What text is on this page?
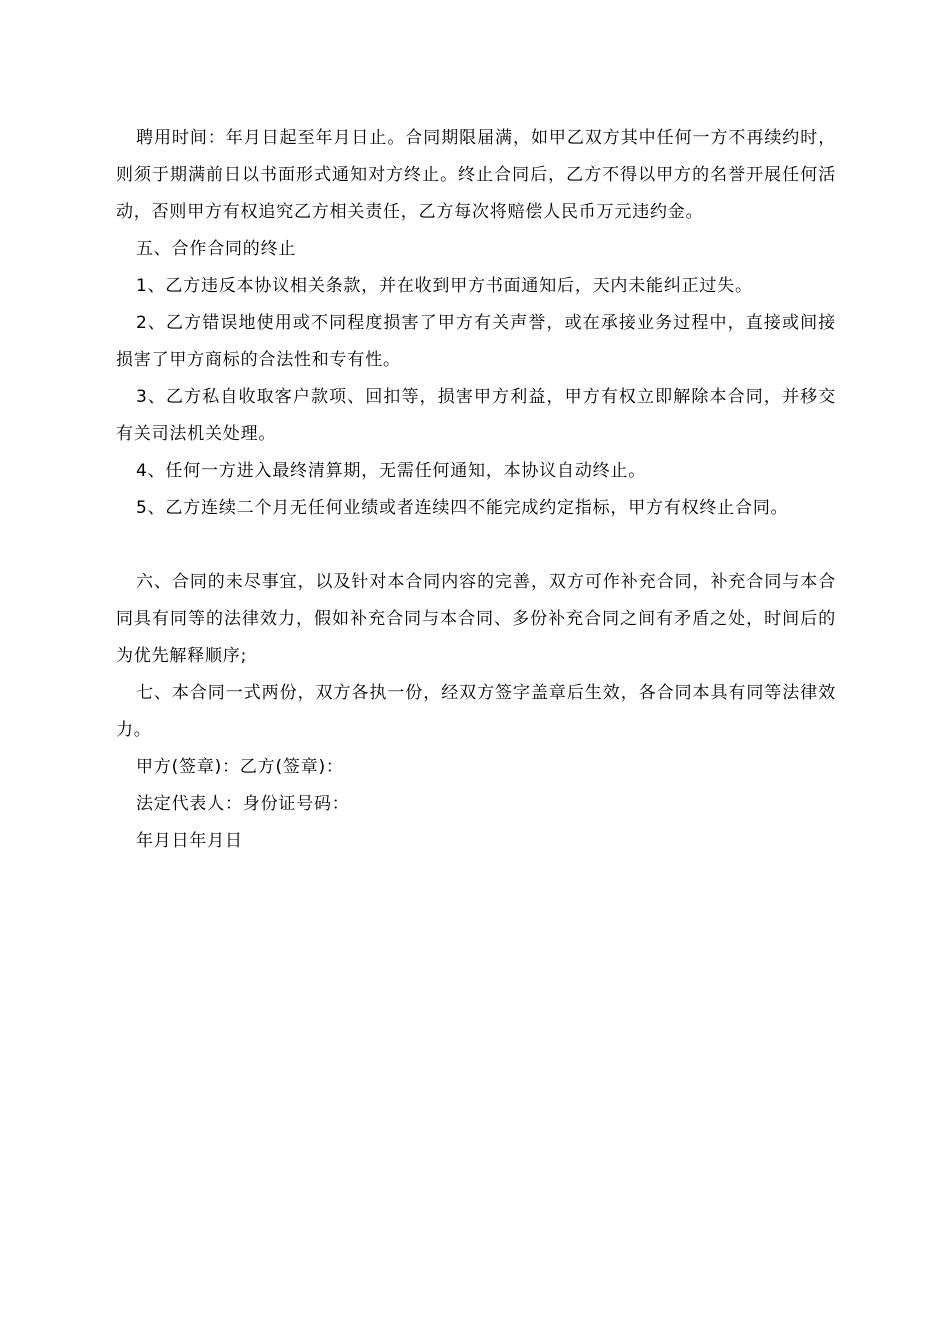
聘用时间：年月日起至年月日止。合同期限届满，如甲乙双方其中任何一方不再续约时，则须于期满前日以书面形式通知对方终止。终止合同后，乙方不得以甲方的名誉开展任何活动，否则甲方有权追究乙方相关责任，乙方每次将赔偿人民币万元违约金。

五、合作合同的终止

1、乙方违反本协议相关条款，并在收到甲方书面通知后，天内未能纠正过失。

2、乙方错误地使用或不同程度损害了甲方有关声誉，或在承接业务过程中，直接或间接损害了甲方商标的合法性和专有性。

3、乙方私自收取客户款项、回扣等，损害甲方利益，甲方有权立即解除本合同，并移交有关司法机关处理。

4、任何一方进入最终清算期，无需任何通知，本协议自动终止。

5、乙方连续二个月无任何业绩或者连续四不能完成约定指标，甲方有权终止合同。

六、合同的未尽事宜，以及针对本合同内容的完善，双方可作补充合同，补充合同与本合同具有同等的法律效力，假如补充合同与本合同、多份补充合同之间有矛盾之处，时间后的为优先解释顺序;

七、本合同一式两份，双方各执一份，经双方签字盖章后生效，各合同本具有同等法律效力。

甲方(签章)：乙方(签章)：

法定代表人：身份证号码：

年月日年月日
